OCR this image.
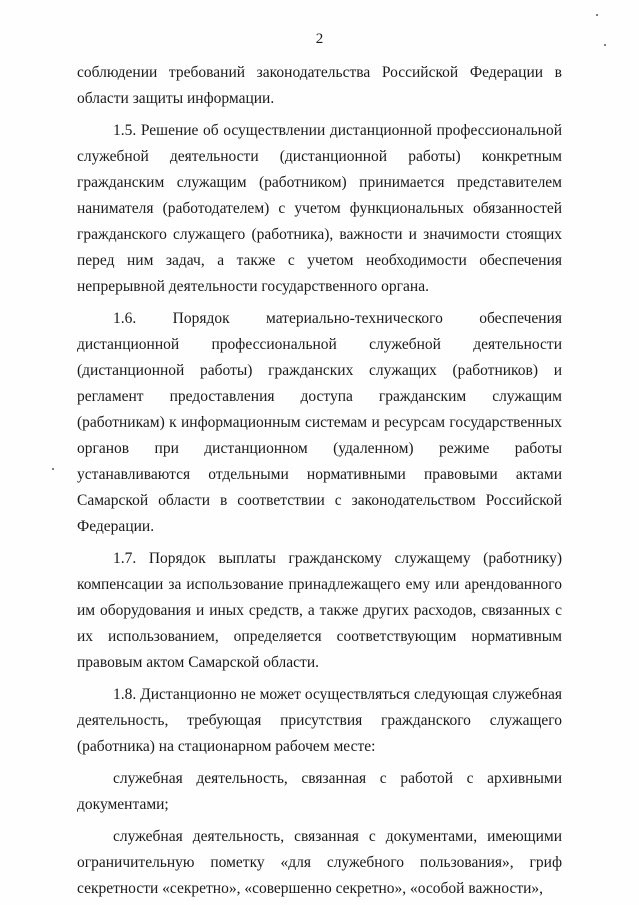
2

соблюдении требований законодательства Российской Федерации в области защиты информации.

1.5. Решение об осуществлении дистанционной профессиональной служебной деятельности (дистанционной работы) конкретным гражданским служащим (работником) принимается представителем нанимателя (работодателем) с учетом функциональных обязанностей гражданского служащего (работника), важности и значимости стоящих перед ним задач, а также с учетом необходимости обеспечения непрерывной деятельности государственного органа.

1.6. Порядок материально-технического обеспечения дистанционной профессиональной служебной деятельности (дистанционной работы) гражданских служащих (работников) и регламент предоставления доступа гражданским служащим (работникам) к информационным системам и ресурсам государственных органов при дистанционном (удаленном) режиме работы устанавливаются отдельными нормативными правовыми актами Самарской области в соответствии с законодательством Российской Федерации.

1.7. Порядок выплаты гражданскому служащему (работнику) компенсации за использование принадлежащего ему или арендованного им оборудования и иных средств, а также других расходов, связанных с их использованием, определяется соответствующим нормативным правовым актом Самарской области.

1.8. Дистанционно не может осуществляться следующая служебная деятельность, требующая присутствия гражданского служащего (работника) на стационарном рабочем месте:

служебная деятельность, связанная с работой с архивными документами;

служебная деятельность, связанная с документами, имеющими ограничительную пометку «для служебного пользования», гриф секретности «секретно», «совершенно секретно», «особой важности»,
